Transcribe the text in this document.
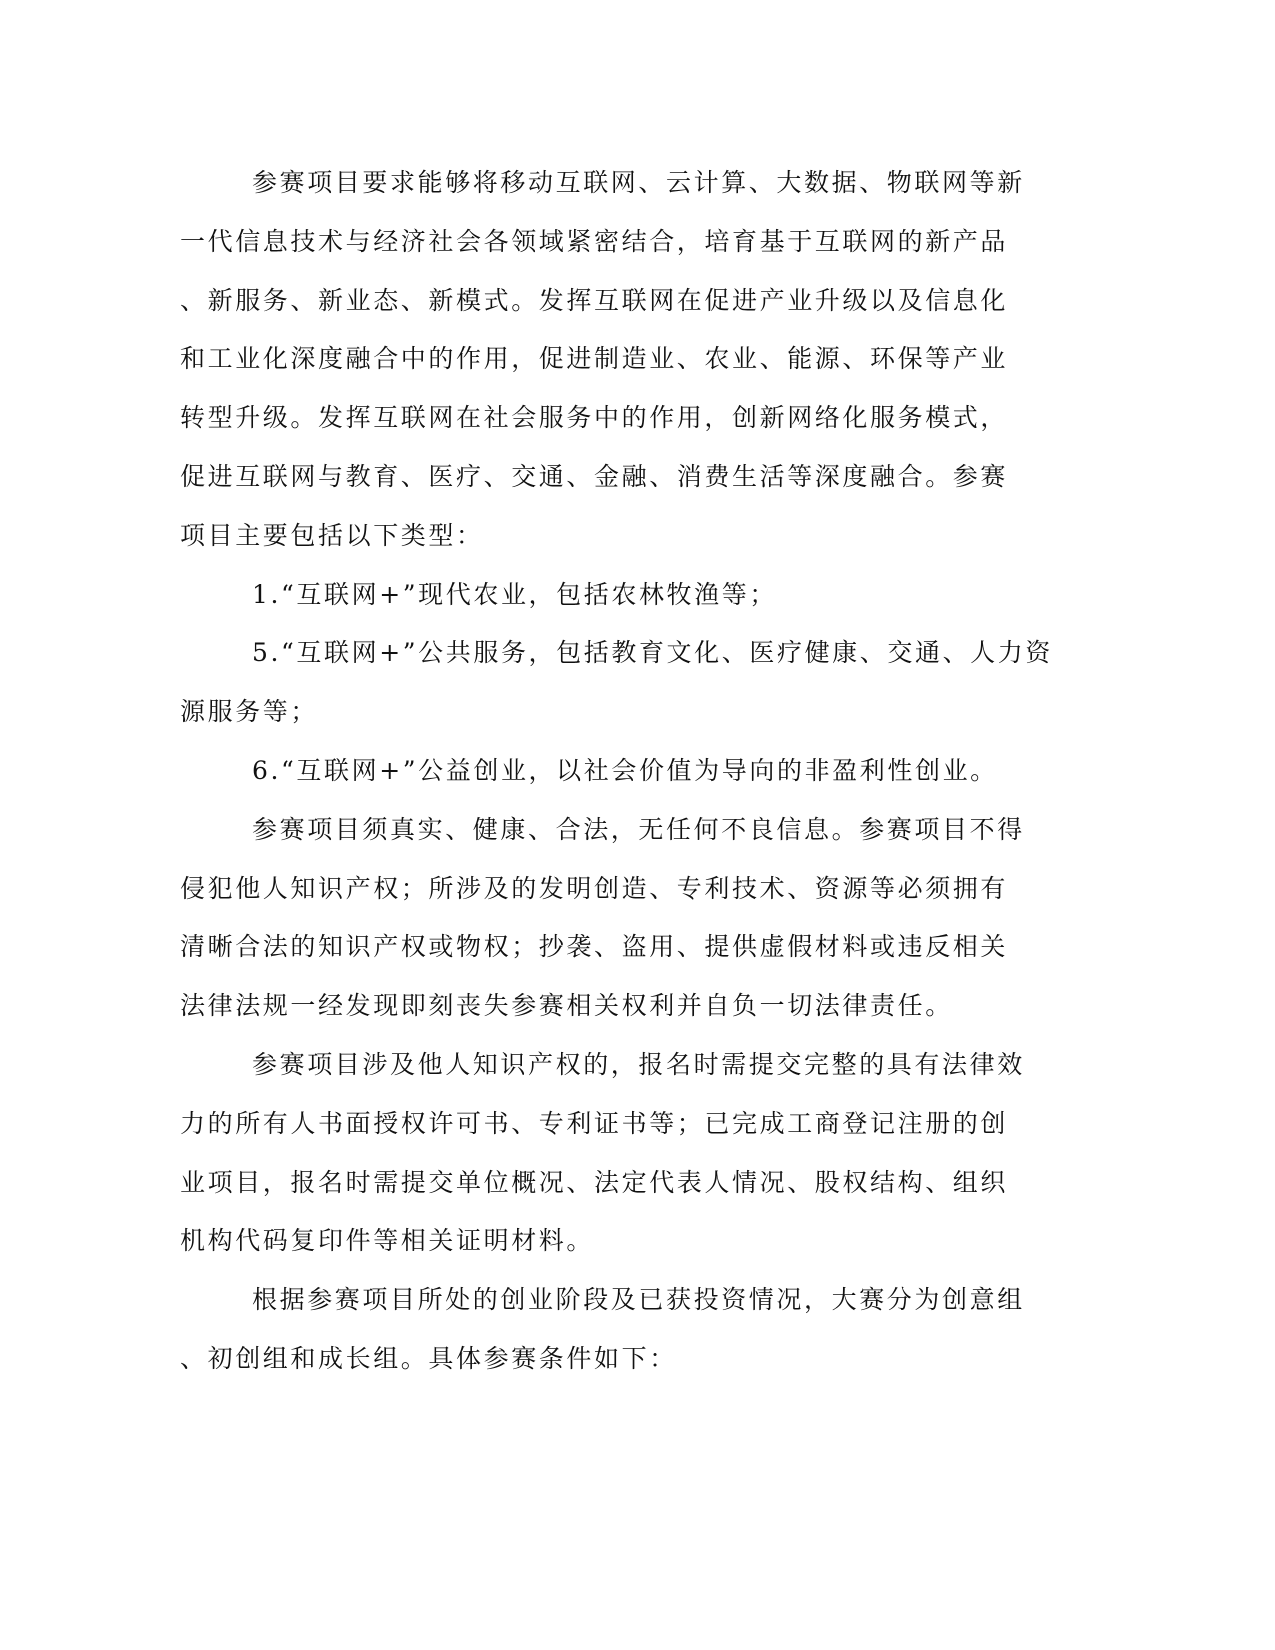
参赛项目要求能够将移动互联网、云计算、大数据、物联网等新
一代信息技术与经济社会各领域紧密结合，培育基于互联网的新产品
、新服务、新业态、新模式。发挥互联网在促进产业升级以及信息化
和工业化深度融合中的作用，促进制造业、农业、能源、环保等产业
转型升级。发挥互联网在社会服务中的作用，创新网络化服务模式，
促进互联网与教育、医疗、交通、金融、消费生活等深度融合。参赛
项目主要包括以下类型：
1.“互联网+”现代农业，包括农林牧渔等；
5.“互联网+”公共服务，包括教育文化、医疗健康、交通、人力资
源服务等；
6.“互联网+”公益创业，以社会价值为导向的非盈利性创业。
参赛项目须真实、健康、合法，无任何不良信息。参赛项目不得
侵犯他人知识产权；所涉及的发明创造、专利技术、资源等必须拥有
清晰合法的知识产权或物权；抄袭、盗用、提供虚假材料或违反相关
法律法规一经发现即刻丧失参赛相关权利并自负一切法律责任。
参赛项目涉及他人知识产权的，报名时需提交完整的具有法律效
力的所有人书面授权许可书、专利证书等；已完成工商登记注册的创
业项目，报名时需提交单位概况、法定代表人情况、股权结构、组织
机构代码复印件等相关证明材料。
根据参赛项目所处的创业阶段及已获投资情况，大赛分为创意组
、初创组和成长组。具体参赛条件如下：
